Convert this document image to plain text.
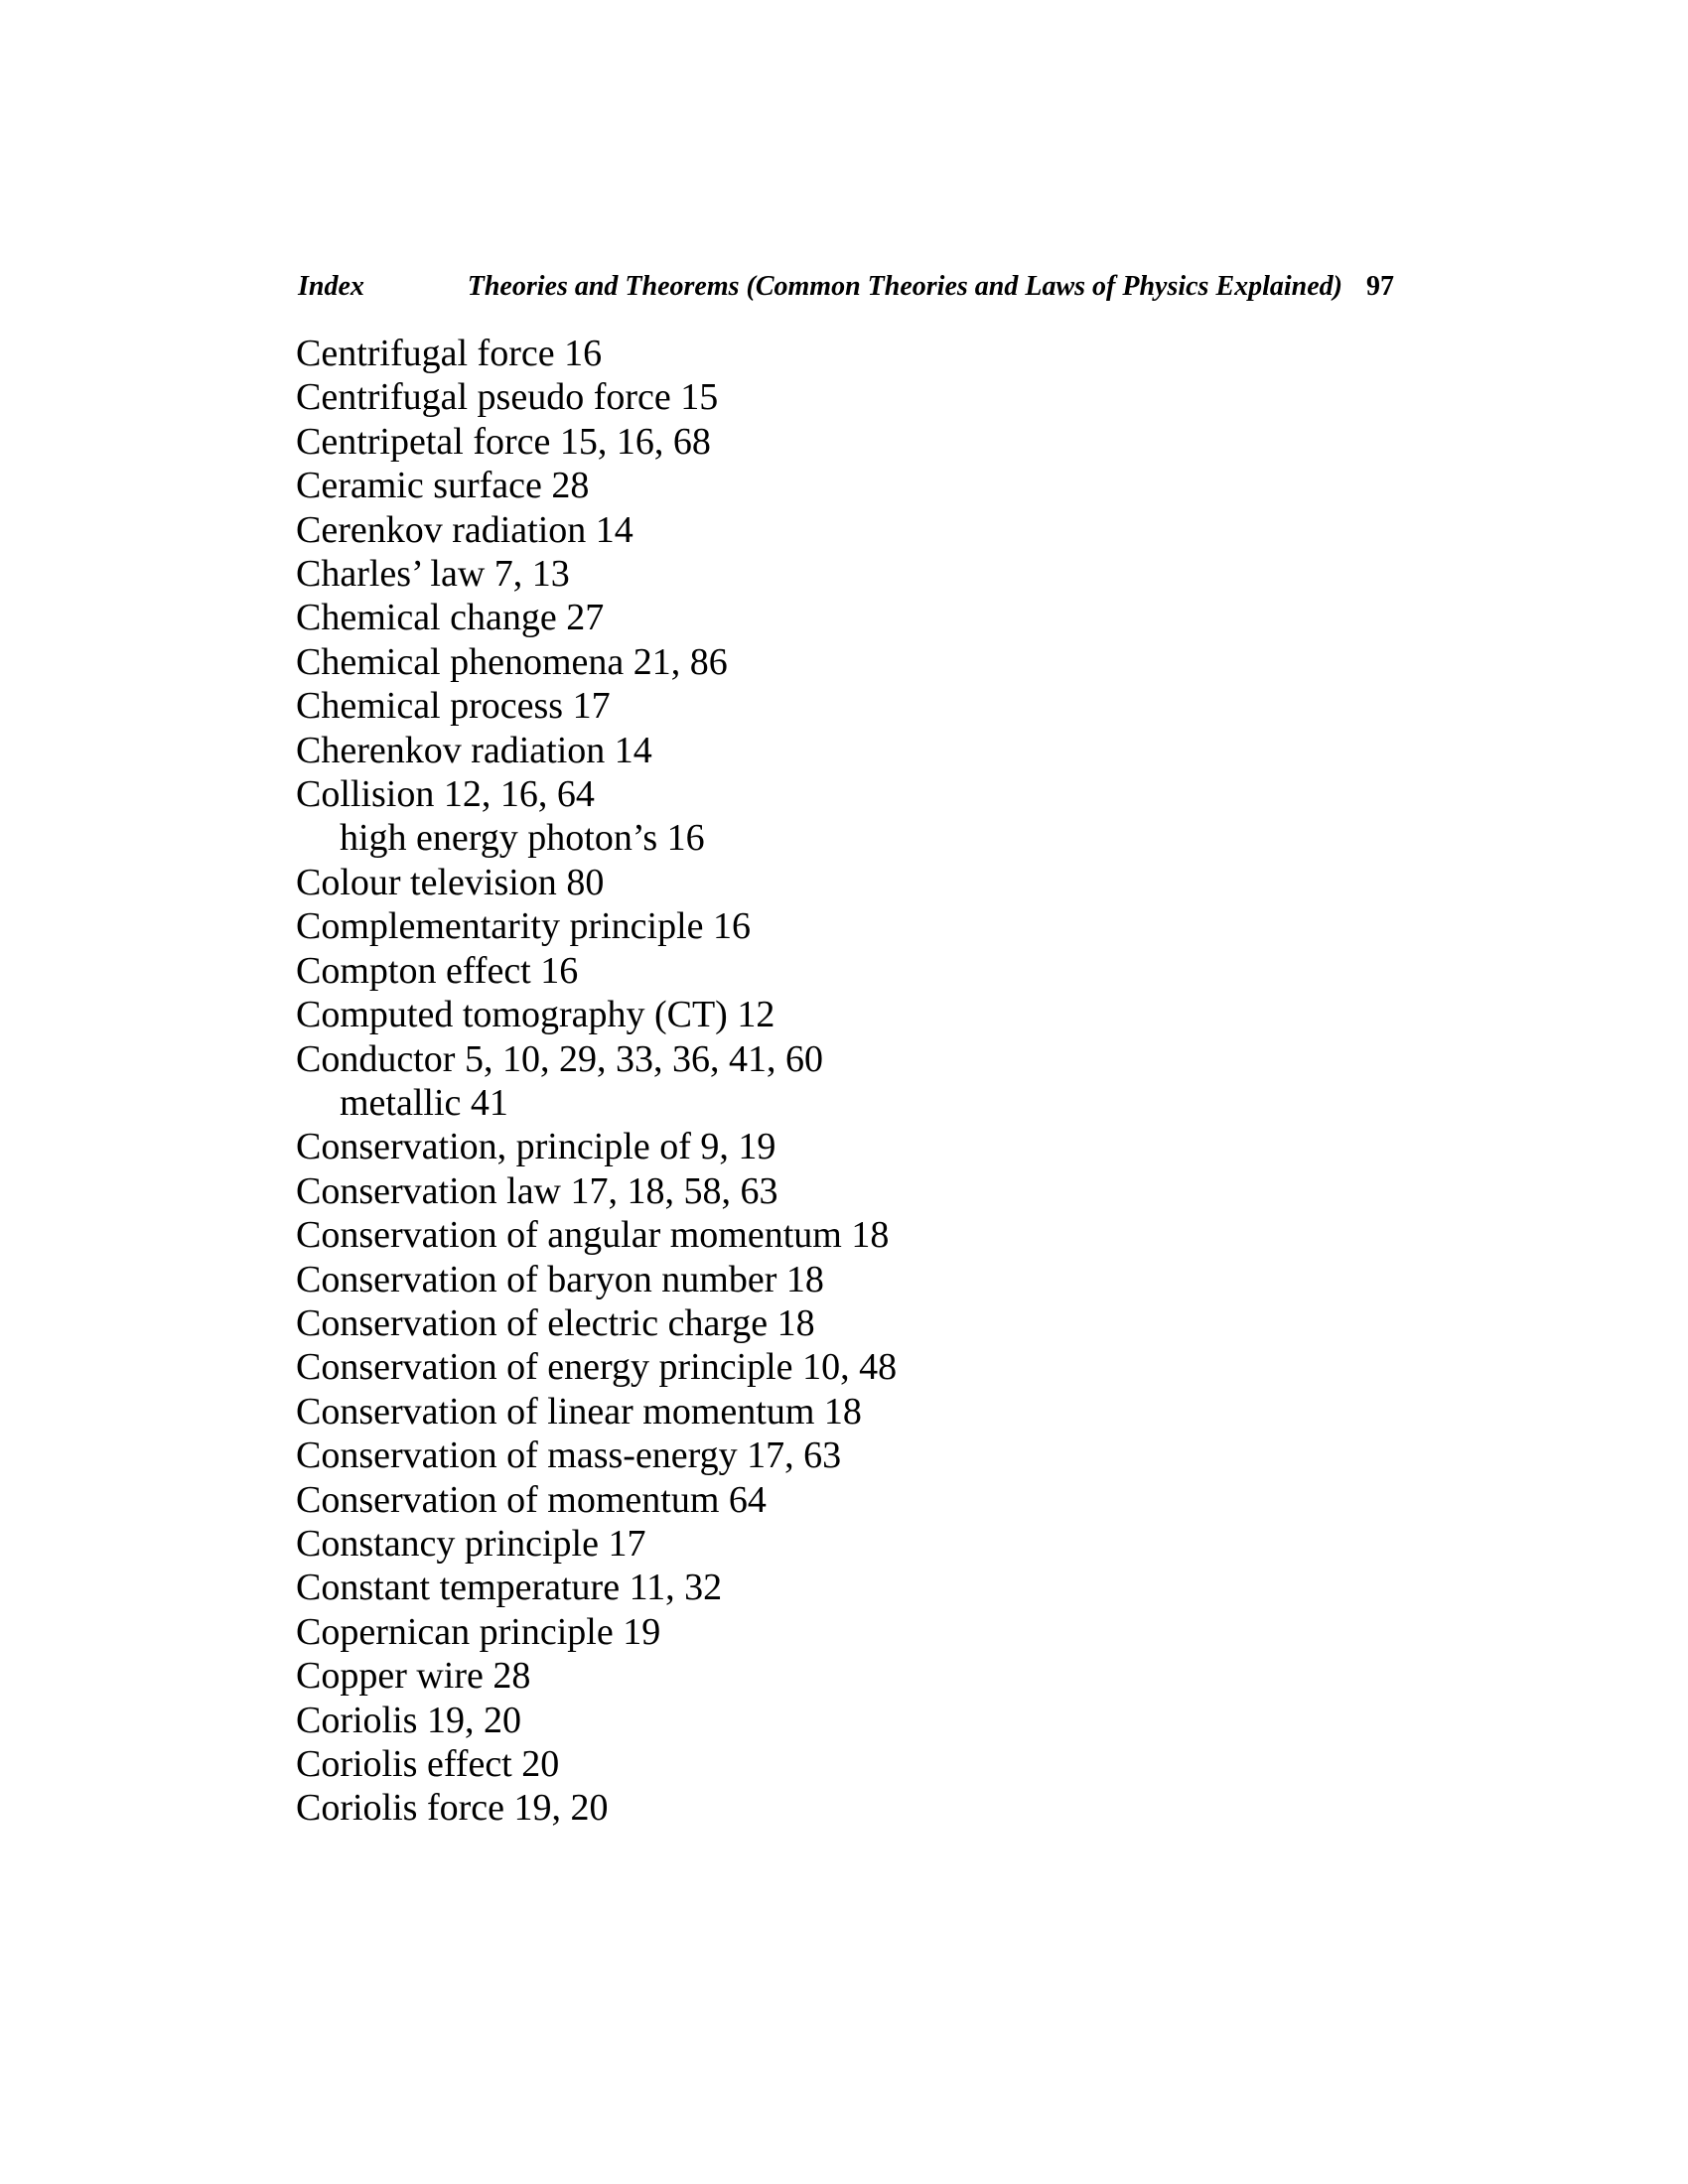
Index	Theories and Theorems (Common Theories and Laws of Physics Explained) 97
Centrifugal force 16
Centrifugal pseudo force 15
Centripetal force 15, 16, 68
Ceramic surface 28
Cerenkov radiation 14
Charles’ law 7, 13
Chemical change 27
Chemical phenomena 21, 86
Chemical process 17
Cherenkov radiation 14
Collision 12, 16, 64
high energy photon’s 16
Colour television 80
Complementarity principle 16
Compton effect 16
Computed tomography (CT) 12
Conductor 5, 10, 29, 33, 36, 41, 60
metallic 41
Conservation, principle of 9, 19
Conservation law 17, 18, 58, 63
Conservation of angular momentum 18
Conservation of baryon number 18
Conservation of electric charge 18
Conservation of energy principle 10, 48
Conservation of linear momentum 18
Conservation of mass-energy 17, 63
Conservation of momentum 64
Constancy principle 17
Constant temperature 11, 32
Copernican principle 19
Copper wire 28
Coriolis 19, 20
Coriolis effect 20
Coriolis force 19, 20
